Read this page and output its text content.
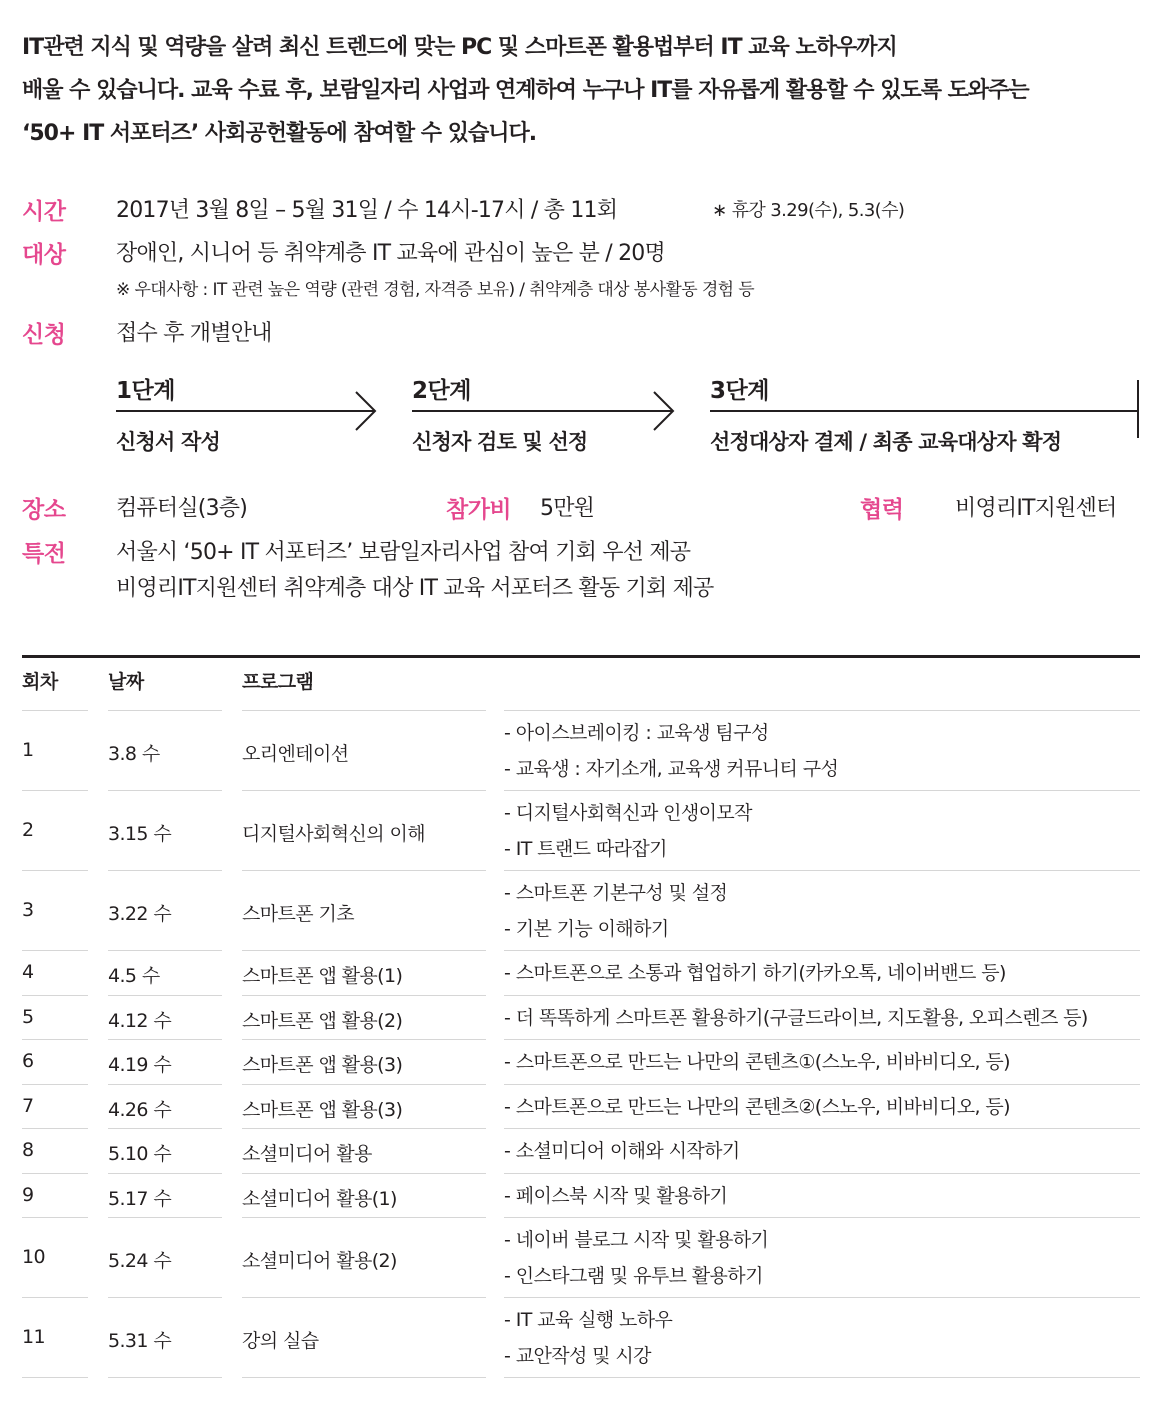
IT관련 지식 및 역량을 살려 최신 트렌드에 맞는 PC 및 스마트폰 활용법부터 IT 교육 노하우까지
배울 수 있습니다. 교육 수료 후, 보람일자리 사업과 연계하여 누구나 IT를 자유롭게 활용할 수 있도록 도와주는
‘50+ IT 서포터즈’ 사회공헌활동에 참여할 수 있습니다.
시간 2017년 3월 8일 – 5월 31일 / 수 14시-17시 / 총 11회	∗ 휴강 3.29(수), 5.3(수)
대상 장애인, 시니어 등 취약계층 IT 교육에 관심이 높은 분 / 20명
※ 우대사항 : IT 관련 높은 역량 (관련 경험, 자격증 보유) / 취약계층 대상 봉사활동 경험 등
신청 접수 후 개별안내
1단계
신청서 작성
2단계
신청자 검토 및 선정
3단계
선정대상자 결제 / 최종 교육대상자 확정
장소 컴퓨터실(3층)	참가비 5만원	협력 비영리IT지원센터
특전 서울시 ‘50+ IT 서포터즈’ 보람일자리사업 참여 기회 우선 제공
비영리IT지원센터 취약계층 대상 IT 교육 서포터즈 활동 기회 제공
회차	날짜	프로그램
1	3.8 수	오리엔테이션
- 아이스브레이킹 : 교육생 팀구성
- 교육생 : 자기소개, 교육생 커뮤니티 구성
2	3.15 수	디지털사회혁신의 이해
- 디지털사회혁신과 인생이모작
- IT 트랜드 따라잡기
3	3.22 수	스마트폰 기초
- 스마트폰 기본구성 및 설정
- 기본 기능 이해하기
4	4.5 수	스마트폰 앱 활용(1)	- 스마트폰으로 소통과 협업하기 하기(카카오톡, 네이버밴드 등)
5	4.12 수	스마트폰 앱 활용(2)	- 더 똑똑하게 스마트폰 활용하기(구글드라이브, 지도활용, 오피스렌즈 등)
6	4.19 수	스마트폰 앱 활용(3)	- 스마트폰으로 만드는 나만의 콘텐츠①(스노우, 비바비디오, 등)
7	4.26 수	스마트폰 앱 활용(3)	- 스마트폰으로 만드는 나만의 콘텐츠②(스노우, 비바비디오, 등)
8	5.10 수	소셜미디어 활용	- 소셜미디어 이해와 시작하기
9	5.17 수	소셜미디어 활용(1)	- 페이스북 시작 및 활용하기
10	5.24 수	소셜미디어 활용(2)
- 네이버 블로그 시작 및 활용하기
- 인스타그램 및 유투브 활용하기
11	5.31 수	강의 실습
- IT 교육 실행 노하우
- 교안작성 및 시강
